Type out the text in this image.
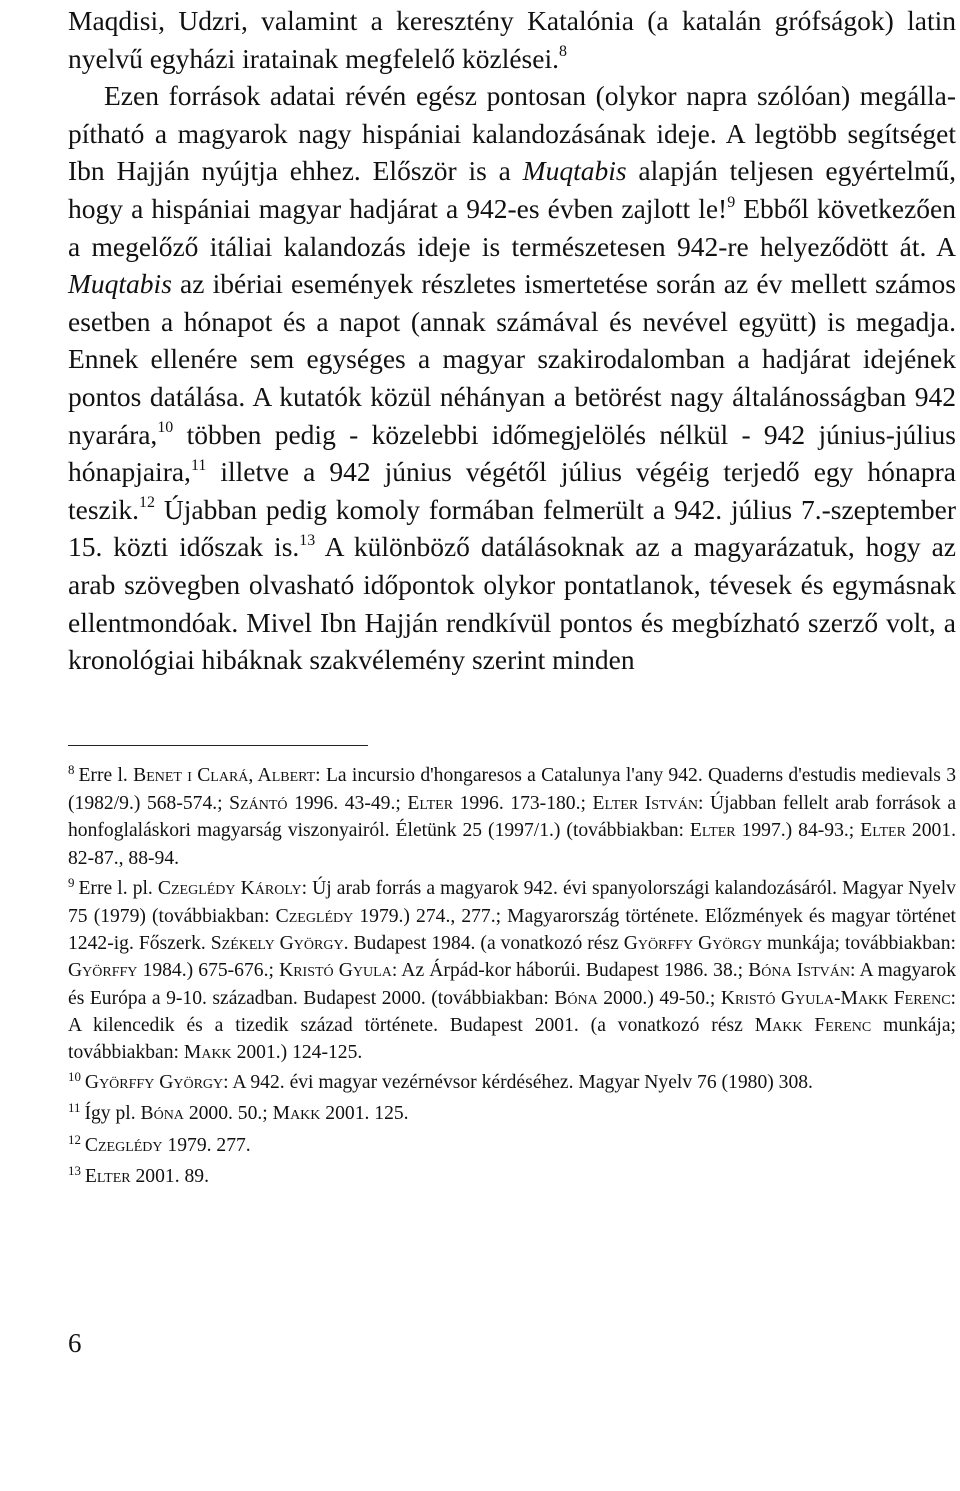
Maqdisi, Udzri, valamint a keresztény Katalónia (a katalán grófságok) latin nyelvű egyházi iratainak megfelelő közlései.$^8$

Ezen források adatai révén egész pontosan (olykor napra szólóan) megállapítható a magyarok nagy hispániai kalandozásának ideje. A legtöbb segítséget Ibn Hajján nyújtja ehhez. Először is a Muqtabis alapján teljesen egyértelmű, hogy a hispániai magyar hadjárat a 942-es évben zajlott le!$^9$ Ebből következően a megelőző itáliai kalandozás ideje is természetesen 942-re helyeződött át. A Muqtabis az ibériai események részletes ismertetése során az év mellett számos esetben a hónapot és a napot (annak számával és nevével együtt) is megadja. Ennek ellenére sem egységes a magyar szakirodalomban a hadjárat idejének pontos datálása. A kutatók közül néhányan a betörést nagy általánosságban 942 nyarára,$^{10}$ többen pedig - közelebbi időmegjelölés nélkül - 942 június-július hónapjaira,$^{11}$ illetve a 942 június végétől július végéig terjedő egy hónapra teszik.$^{12}$ Újabban pedig komoly formában felmerült a 942. július 7.-szeptember 15. közti időszak is.$^{13}$ A különböző datálásoknak az a magyarázatuk, hogy az arab szövegben olvasható időpontok olykor pontatlanok, tévesek és egymásnak ellentmondóak. Mivel Ibn Hajján rendkívül pontos és megbízható szerző volt, a kronológiai hibáknak szakvélemény szerint minden

$^8$ Erre l. Benet i Clará, Albert: La incursio d'hongaresos a Catalunya l'any 942. Quaderns d'estudis medievals 3 (1982/9.) 568-574.; Szántó 1996. 43-49.; Elter 1996. 173-180.; Elter István: Újabban fellelt arab források a honfoglaláskori magyarság viszonyairól. Életünk 25 (1997/1.) (továbbiakban: Elter 1997.) 84-93.; Elter 2001. 82-87., 88-94.

$^9$ Erre l. pl. Czeglédy Károly: Új arab forrás a magyarok 942. évi spanyolországi kalandozásáról. Magyar Nyelv 75 (1979) (továbbiakban: Czeglédy 1979.) 274., 277.; Magyarország története. Előzmények és magyar történet 1242-ig. Főszerk. Székely György. Budapest 1984. (a vonatkozó rész Györffy György munkája; továbbiakban: Györffy 1984.) 675-676.; Kristó Gyula: Az Árpád-kor háborúi. Budapest 1986. 38.; Bóna István: A magyarok és Európa a 9-10. században. Budapest 2000. (továbbiakban: Bóna 2000.) 49-50.; Kristó Gyula-Makk Ferenc: A kilencedik és a tizedik század története. Budapest 2001. (a vonatkozó rész Makk Ferenc munkája; továbbiakban: Makk 2001.) 124-125.

$^{10}$ Györffy György: A 942. évi magyar vezérnévsor kérdéséhez. Magyar Nyelv 76 (1980) 308.

$^{11}$ Így pl. Bóna 2000. 50.; Makk 2001. 125.

$^{12}$ Czeglédy 1979. 277.

$^{13}$ Elter 2001. 89.

6
